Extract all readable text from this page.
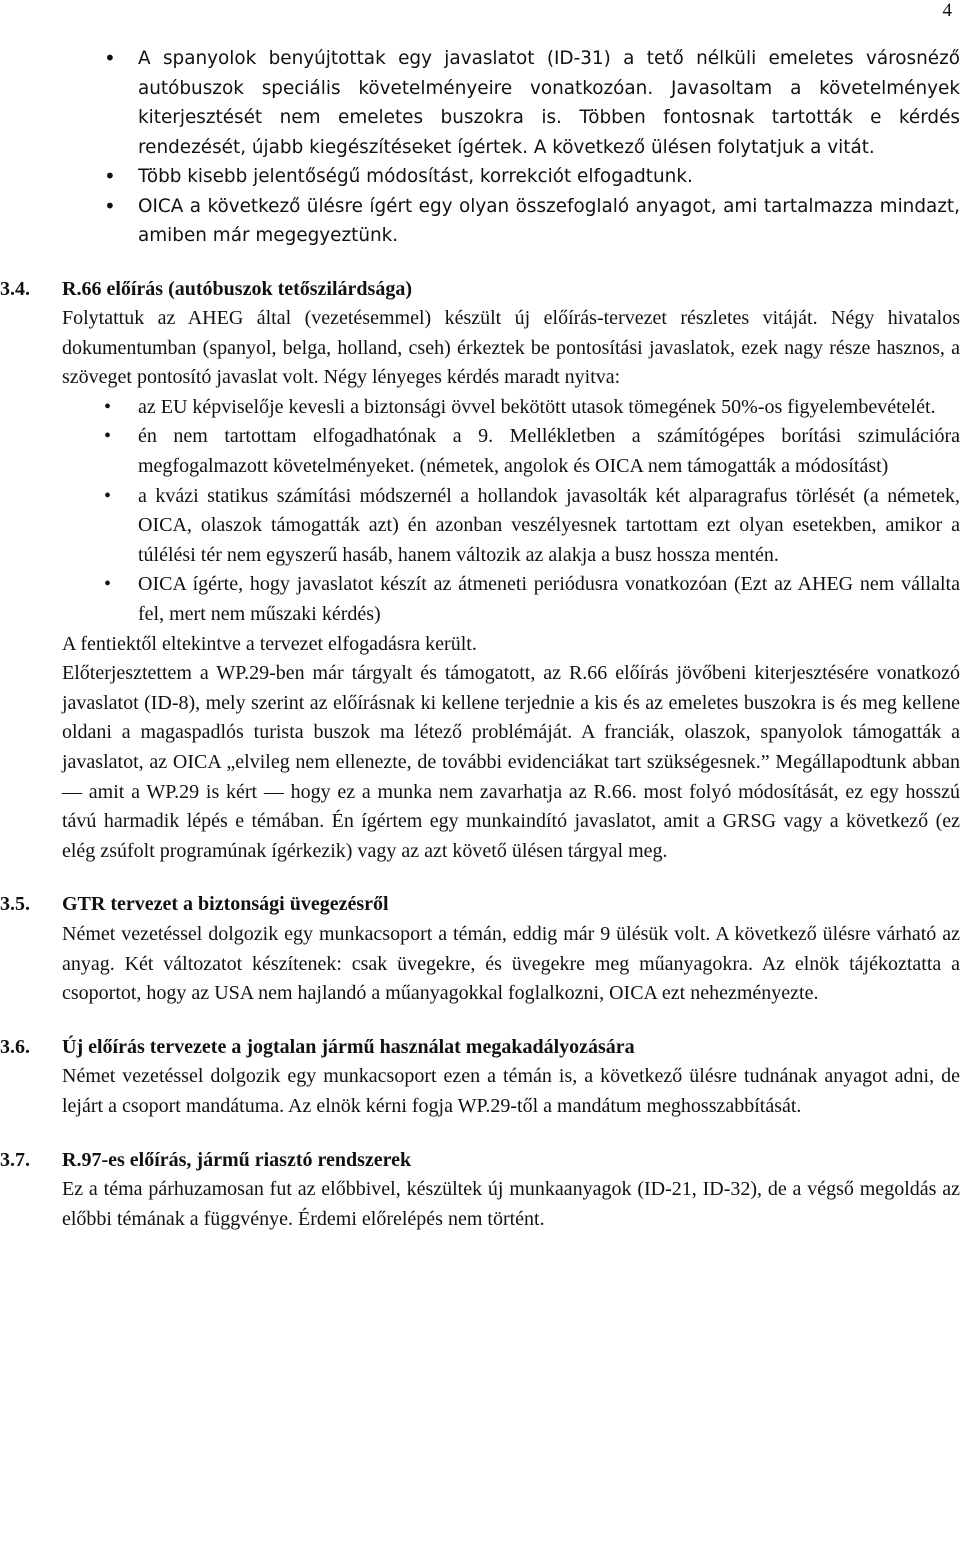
4
• A spanyolok benyújtottak egy javaslatot (ID-31) a tető nélküli emeletes városnéző autóbuszok speciális követelményeire vonatkozóan. Javasoltam a követelmények kiterjesztését nem emeletes buszokra is. Többen fontosnak tartották e kérdés rendezését, újabb kiegészítéseket ígértek. A következő ülésen folytatjuk a vitát.
• Több kisebb jelentőségű módosítást, korrekciót elfogadtunk.
• OICA a következő ülésre ígért egy olyan összefoglaló anyagot, ami tartalmazza mindazt, amiben már megegyeztünk.
3.4. R.66 előírás (autóbuszok tetőszilárdsága)
Folytattuk az AHEG által (vezetésemmel) készült új előírás-tervezet részletes vitáját. Négy hivatalos dokumentumban (spanyol, belga, holland, cseh) érkeztek be pontosítási javaslatok, ezek nagy része hasznos, a szöveget pontosító javaslat volt. Négy lényeges kérdés maradt nyitva:
• az EU képviselője kevesli a biztonsági övvel bekötött utasok tömegének 50%-os figyelembevételét.
• én nem tartottam elfogadhatónak a 9. Mellékletben a számítógépes borítási szimulációra megfogalmazott követelményeket. (németek, angolok és OICA nem támogatták a módosítást)
• a kvázi statikus számítási módszernél a hollandok javasolták két alparagrafus törlését (a németek, OICA, olaszok támogatták azt) én azonban veszélyesnek tartottam ezt olyan esetekben, amikor a túlélési tér nem egyszerű hasáb, hanem változik az alakja a busz hossza mentén.
• OICA ígérte, hogy javaslatot készít az átmeneti periódusra vonatkozóan (Ezt az AHEG nem vállalta fel, mert nem műszaki kérdés)
A fentiektől eltekintve a tervezet elfogadásra került.
Előterjesztettem a WP.29-ben már tárgyalt és támogatott, az R.66 előírás jövőbeni kiterjesztésére vonatkozó javaslatot (ID-8), mely szerint az előírásnak ki kellene terjednie a kis és az emeletes buszokra is és meg kellene oldani a magaspadlós turista buszok ma létező problémáját. A franciák, olaszok, spanyolok támogatták a javaslatot, az OICA „elvileg nem ellenezte, de további evidenciákat tart szükségesnek.” Megállapodtunk abban — amit a WP.29 is kért — hogy ez a munka nem zavarhatja az R.66. most folyó módosítását, ez egy hosszú távú harmadik lépés e témában. Én ígértem egy munkaindító javaslatot, amit a GRSG vagy a következő (ez elég zsúfolt programúnak ígérkezik) vagy az azt követő ülésen tárgyal meg.
3.5. GTR tervezet a biztonsági üvegezésről
Német vezetéssel dolgozik egy munkacsoport a témán, eddig már 9 ülésük volt. A következő ülésre várható az anyag. Két változatot készítenek: csak üvegekre, és üvegekre meg műanyagokra. Az elnök tájékoztatta a csoportot, hogy az USA nem hajlandó a műanyagokkal foglalkozni, OICA ezt nehezményezte.
3.6. Új előírás tervezete a jogtalan jármű használat megakadályozására
Német vezetéssel dolgozik egy munkacsoport ezen a témán is, a következő ülésre tudnának anyagot adni, de lejárt a csoport mandátuma. Az elnök kérni fogja WP.29-től a mandátum meghosszabbítását.
3.7. R.97-es előírás, jármű riasztó rendszerek
Ez a téma párhuzamosan fut az előbbivel, készültek új munkaanyagok (ID-21, ID-32), de a végső megoldás az előbbi témának a függvénye. Érdemi előrelépés nem történt.
